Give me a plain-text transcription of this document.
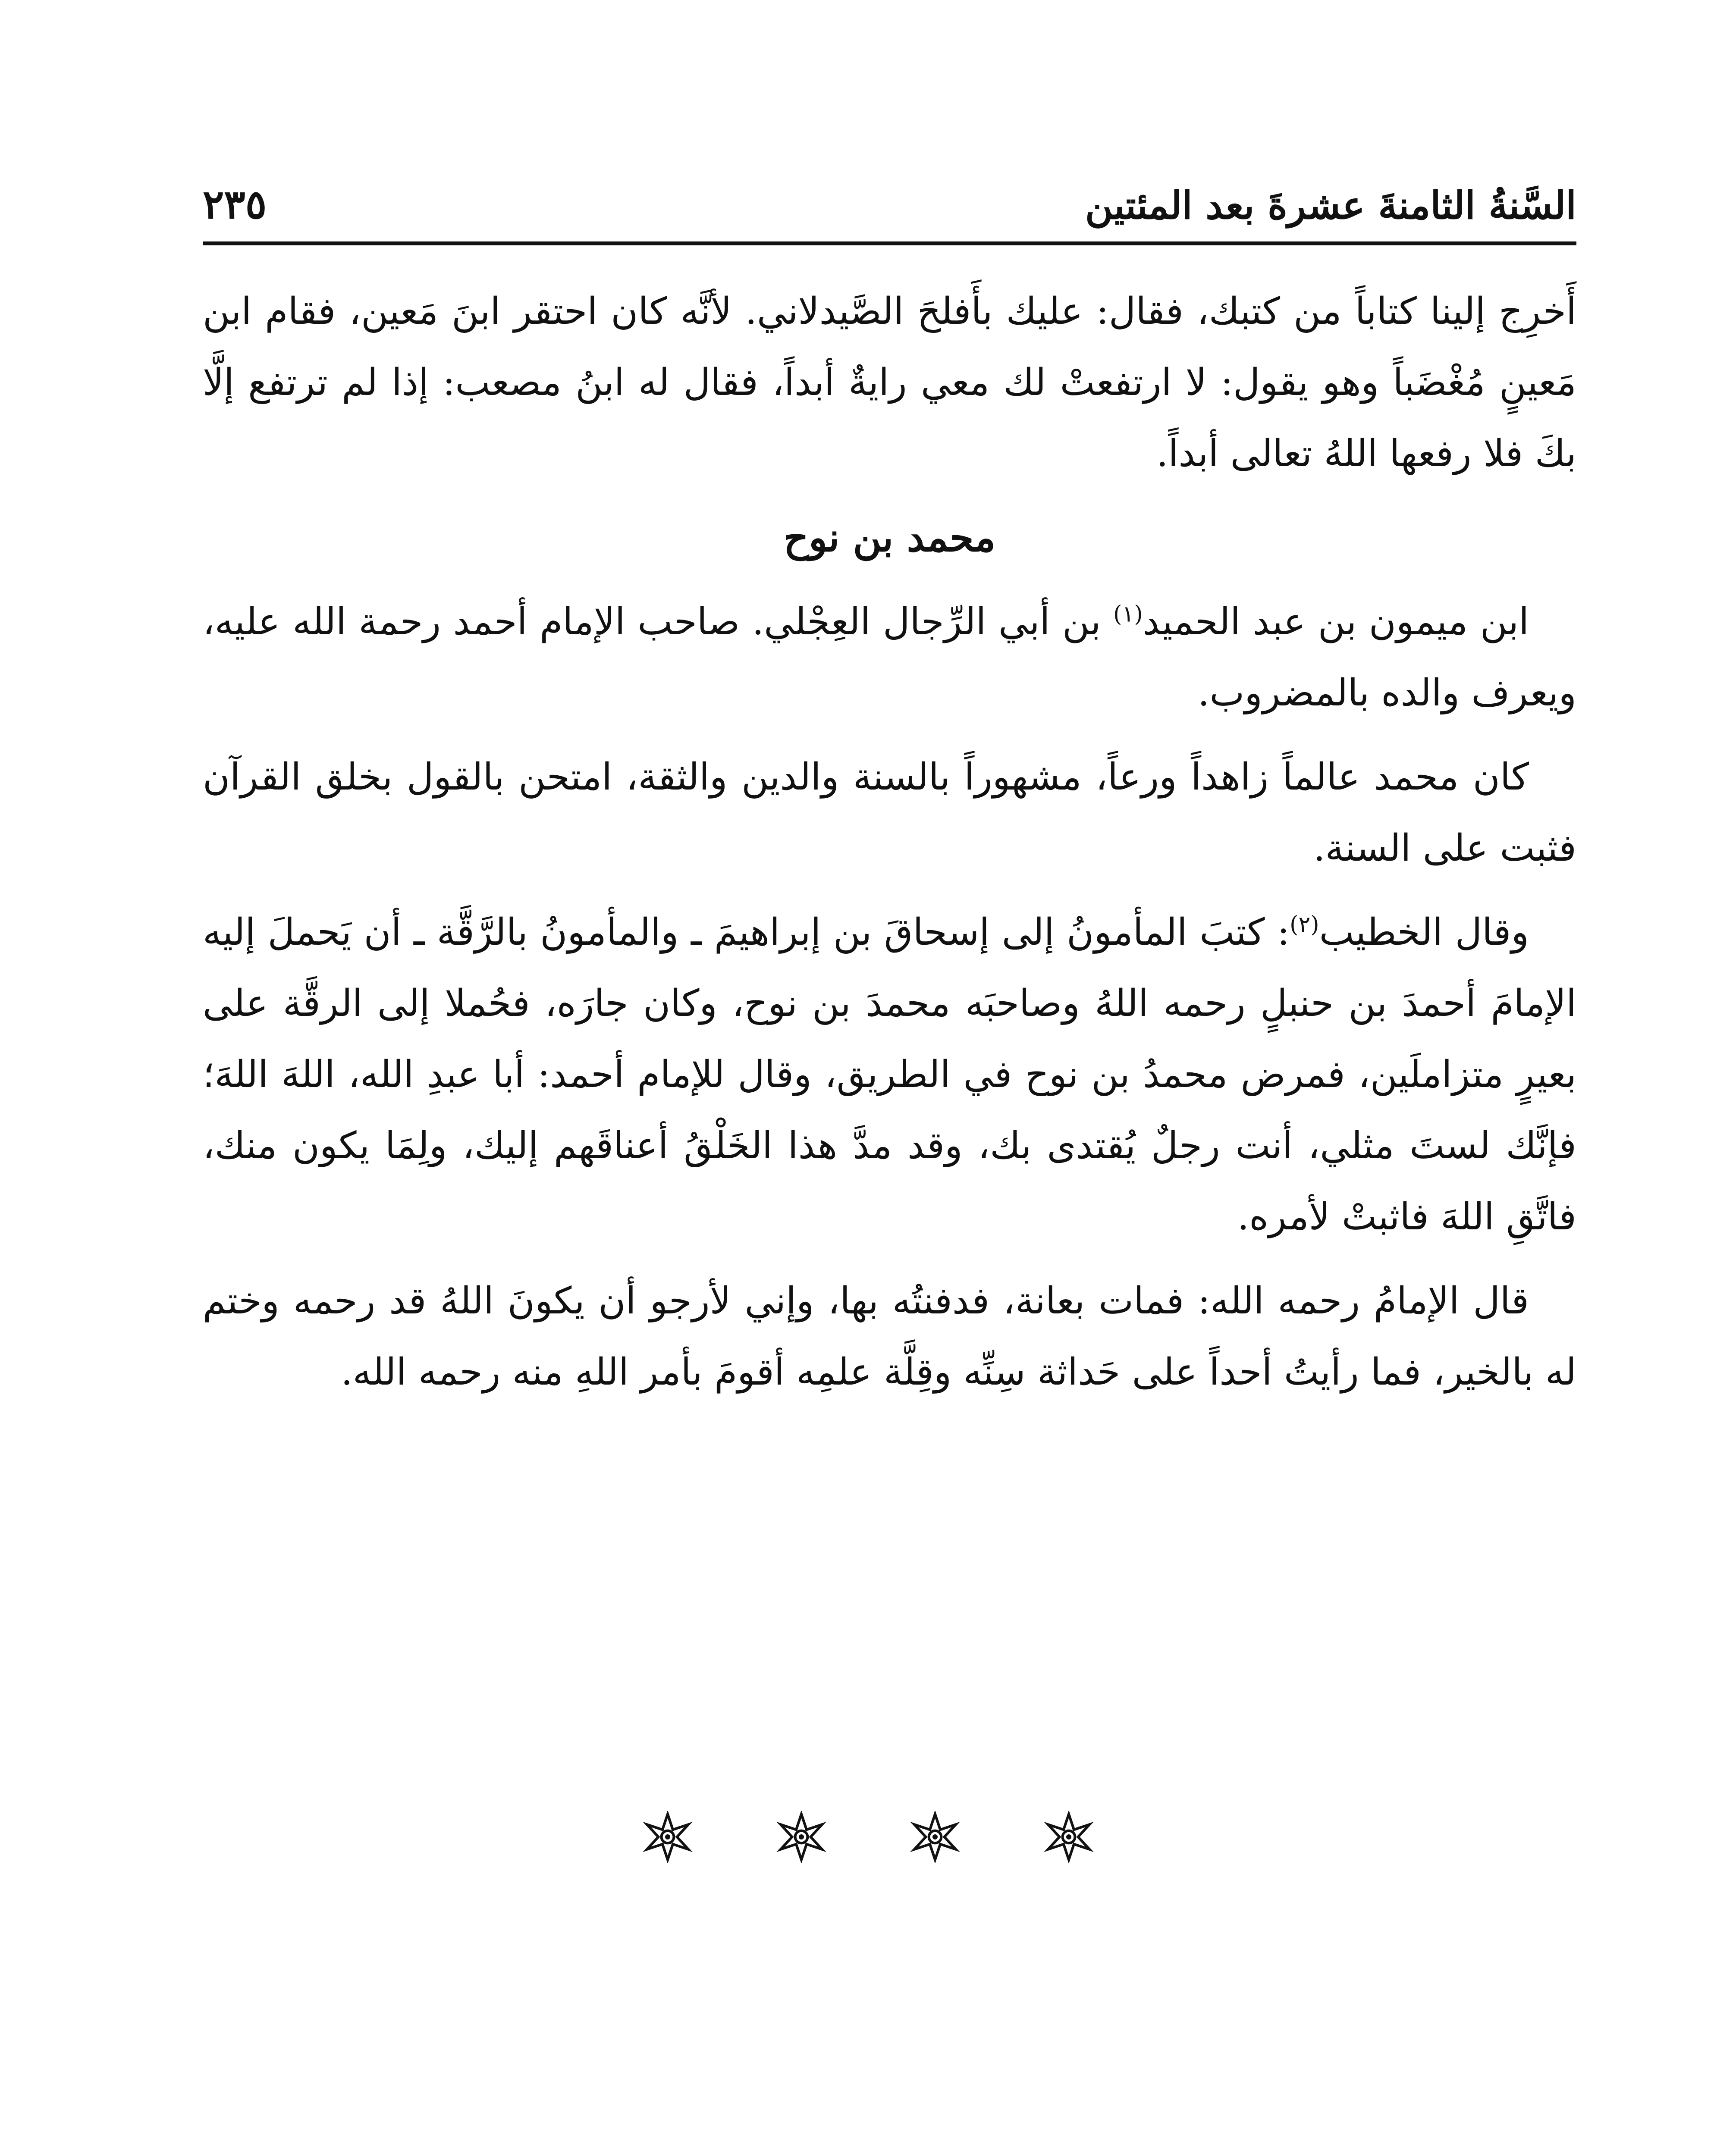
السَّنةُ الثامنةَ عشرةَ بعد المئتين
٢٣٥

أَخرِج إلينا كتاباً من كتبك، فقال: عليك بأَفلحَ الصَّيدلاني. لأنَّه كان احتقر ابنَ مَعين، فقام ابن مَعينٍ مُغْضَباً وهو يقول: لا ارتفعتْ لك معي رايةٌ أبداً، فقال له ابنُ مصعب: إذا لم ترتفع إلَّا بكَ فلا رفعها اللهُ تعالى أبداً.

محمد بن نوح

ابن ميمون بن عبد الحميد$^{(١)}$ بن أبي الرِّجال العِجْلي. صاحب الإمام أحمد رحمة الله عليه، ويعرف والده بالمضروب.

كان محمد عالماً زاهداً ورعاً، مشهوراً بالسنة والدين والثقة، امتحن بالقول بخلق القرآن فثبت على السنة.

وقال الخطيب$^{(٢)}$: كتبَ المأمونُ إلى إسحاقَ بن إبراهيمَ ـ والمأمونُ بالرَّقَّة ـ أن يَحملَ إليه الإمامَ أحمدَ بن حنبلٍ رحمه اللهُ وصاحبَه محمدَ بن نوح، وكان جارَه، فحُملا إلى الرقَّة على بعيرٍ متزاملَين، فمرض محمدُ بن نوح في الطريق، وقال للإمام أحمد: أبا عبدِ الله، اللهَ اللهَ؛ فإنَّك لستَ مثلي، أنت رجلٌ يُقتدى بك، وقد مدَّ هذا الخَلْقُ أعناقَهم إليك، ولِمَا يكون منك، فاتَّقِ اللهَ فاثبتْ لأمره.

قال الإمامُ رحمه الله: فمات بعانة، فدفنتُه بها، وإني لأرجو أن يكونَ اللهُ قد رحمه وختم له بالخير، فما رأيتُ أحداً على حَداثة سِنِّه وقِلَّة علمِه أقومَ بأمر اللهِ منه رحمه الله.
